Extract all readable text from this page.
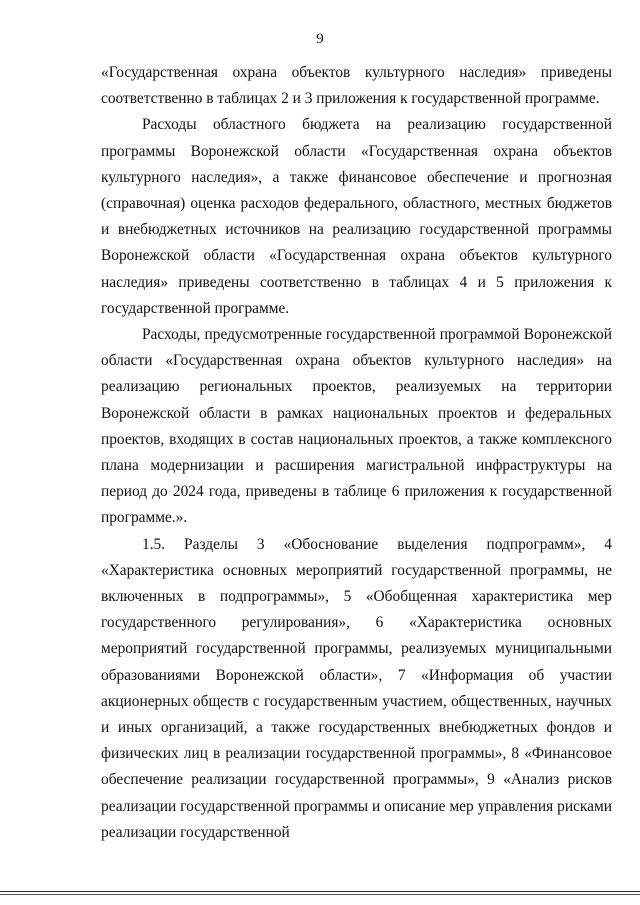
9

«Государственная охрана объектов культурного наследия» приведены соответственно в таблицах 2 и 3 приложения к государственной программе.

Расходы областного бюджета на реализацию государственной программы Воронежской области «Государственная охрана объектов культурного наследия», а также финансовое обеспечение и прогнозная (справочная) оценка расходов федерального, областного, местных бюджетов и внебюджетных источников на реализацию государственной программы Воронежской области «Государственная охрана объектов культурного наследия» приведены соответственно в таблицах 4 и 5 приложения к государственной программе.

Расходы, предусмотренные государственной программой Воронежской области «Государственная охрана объектов культурного наследия» на реализацию региональных проектов, реализуемых на территории Воронежской области в рамках национальных проектов и федеральных проектов, входящих в состав национальных проектов, а также комплексного плана модернизации и расширения магистральной инфраструктуры на период до 2024 года, приведены в таблице 6 приложения к государственной программе.».

1.5. Разделы 3 «Обоснование выделения подпрограмм», 4 «Характеристика основных мероприятий государственной программы, не включенных в подпрограммы», 5 «Обобщенная характеристика мер государственного регулирования», 6 «Характеристика основных мероприятий государственной программы, реализуемых муниципальными образованиями Воронежской области», 7 «Информация об участии акционерных обществ с государственным участием, общественных, научных и иных организаций, а также государственных внебюджетных фондов и физических лиц в реализации государственной программы», 8 «Финансовое обеспечение реализации государственной программы», 9 «Анализ рисков реализации государственной программы и описание мер управления рисками реализации государственной
